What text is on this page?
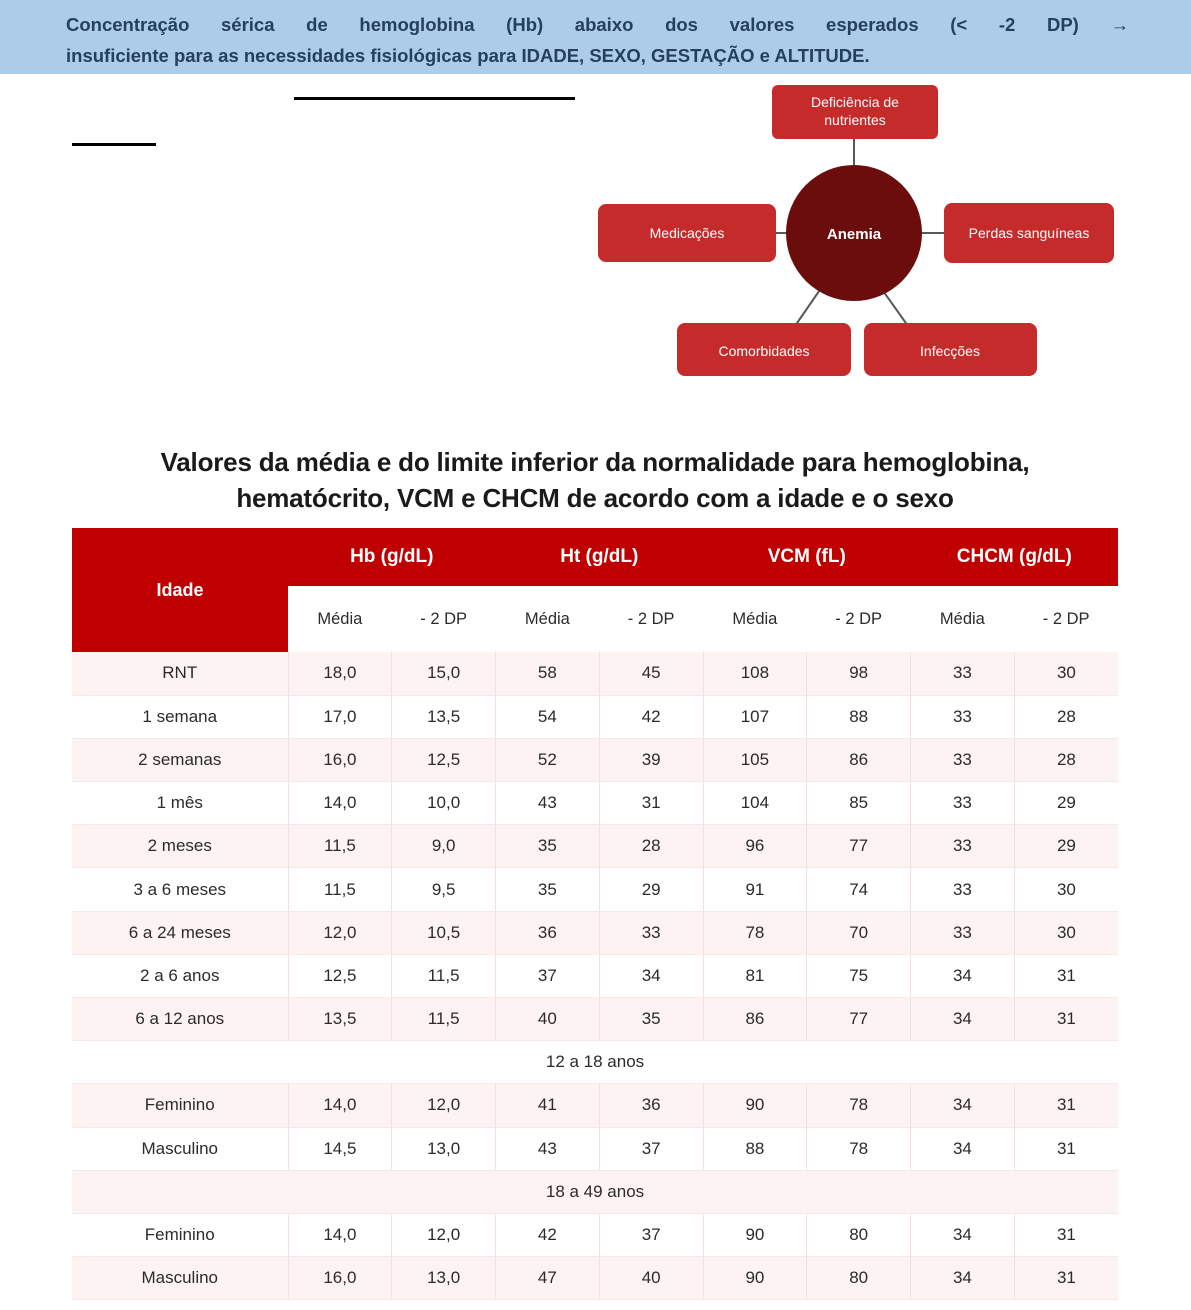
Concentração sérica de hemoglobina (Hb) abaixo dos valores esperados (< -2 DP) →
insuficiente para as necessidades fisiológicas para IDADE, SEXO, GESTAÇÃO e ALTITUDE.
Anemia
Deficiência de
nutrientes
Medicações	Perdas sanguíneas
Comorbidades	Infecções
Valores da média e do limite inferior da normalidade para hemoglobina,
hematócrito, VCM e CHCM de acordo com a idade e o sexo
Idade	Hb (g/dL)		Ht (g/dL)		VCM (fL)		CHCM (g/dL)	
	Média	- 2 DP	Média	- 2 DP	Média	- 2 DP	Média	- 2 DP
RNT	18,0	15,0	58	45	108	98	33	30
1 semana	17,0	13,5	54	42	107	88	33	28
2 semanas	16,0	12,5	52	39	105	86	33	28
1 mês	14,0	10,0	43	31	104	85	33	29
2 meses	11,5	9,0	35	28	96	77	33	29
3 a 6 meses	11,5	9,5	35	29	91	74	33	30
6 a 24 meses	12,0	10,5	36	33	78	70	33	30
2 a 6 anos	12,5	11,5	37	34	81	75	34	31
6 a 12 anos	13,5	11,5	40	35	86	77	34	31
12 a 18 anos								
Feminino	14,0	12,0	41	36	90	78	34	31
Masculino	14,5	13,0	43	37	88	78	34	31
18 a 49 anos								
Feminino	14,0	12,0	42	37	90	80	34	31
Masculino	16,0	13,0	47	40	90	80	34	31
